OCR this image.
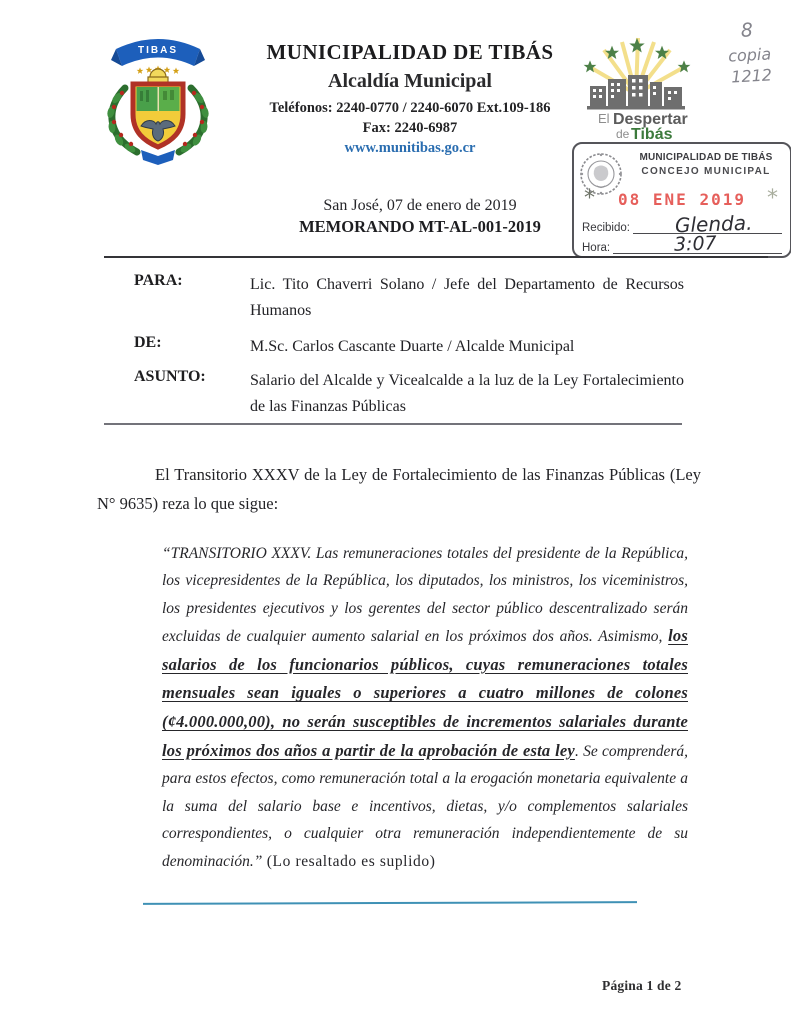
TIBAS	MUNICIPALIDAD DE TIBÁS
Alcaldía Municipal
Teléfonos: 2240-0770 / 2240-6070 Ext.109-186
Fax: 2240-6987
www.munitibas.go.cr
El Despertar
de Tibás
8
copia
1212
MUNICIPALIDAD DE TIBÁS
CONCEJO MUNICIPAL
*	08 ENE 2019 *
Recibido: Glenda.
Hora:	3:07
San José, 07 de enero de 2019
MEMORANDO MT-AL-001-2019
PARA:	Lic. Tito Chaverri Solano / Jefe del Departamento de Recursos Humanos
DE:	M.Sc. Carlos Cascante Duarte / Alcalde Municipal
ASUNTO:	Salario del Alcalde y Vicealcalde a la luz de la Ley Fortalecimiento de las Finanzas Públicas

El Transitorio XXXV de la Ley de Fortalecimiento de las Finanzas Públicas (Ley N° 9635) reza lo que sigue:

“TRANSITORIO XXXV. Las remuneraciones totales del presidente de la República, los vicepresidentes de la República, los diputados, los ministros, los viceministros, los presidentes ejecutivos y los gerentes del sector público descentralizado serán excluidas de cualquier aumento salarial en los próximos dos años. Asimismo, los salarios de los funcionarios públicos, cuyas remuneraciones totales mensuales sean iguales o superiores a cuatro millones de colones (¢4.000.000,00), no serán susceptibles de incrementos salariales durante los próximos dos años a partir de la aprobación de esta ley. Se comprenderá, para estos efectos, como remuneración total a la erogación monetaria equivalente a la suma del salario base e incentivos, dietas, y/o complementos salariales correspondientes, o cualquier otra remuneración independientemente de su denominación.” (Lo resaltado es suplido)

Página 1 de 2
